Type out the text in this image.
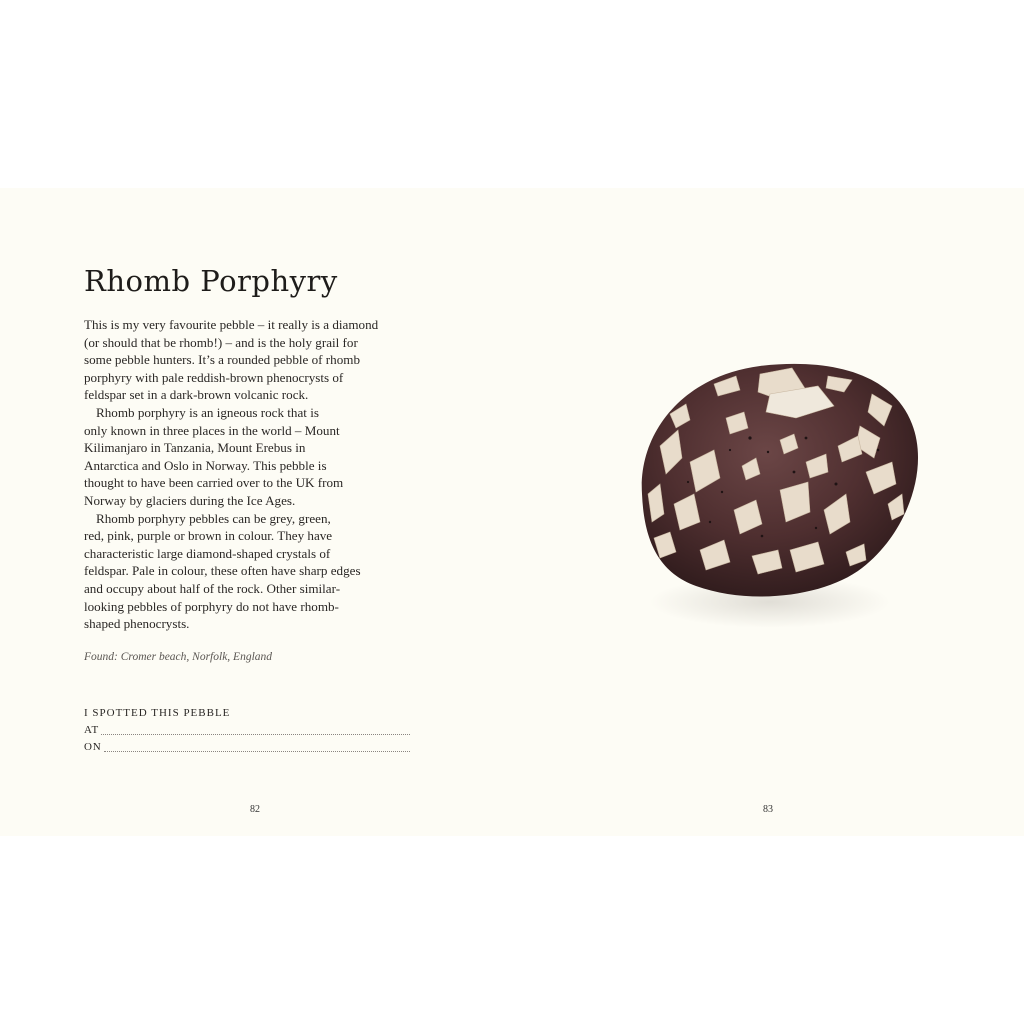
Rhomb Porphyry

This is my very favourite pebble – it really is a diamond
(or should that be rhomb!) – and is the holy grail for
some pebble hunters. It’s a rounded pebble of rhomb
porphyry with pale reddish-brown phenocrysts of
feldspar set in a dark-brown volcanic rock.

Rhomb porphyry is an igneous rock that is
only known in three places in the world – Mount
Kilimanjaro in Tanzania, Mount Erebus in
Antarctica and Oslo in Norway. This pebble is
thought to have been carried over to the UK from
Norway by glaciers during the Ice Ages.

Rhomb porphyry pebbles can be grey, green,
red, pink, purple or brown in colour. They have
characteristic large diamond-shaped crystals of
feldspar. Pale in colour, these often have sharp edges
and occupy about half of the rock. Other similar-
looking pebbles of porphyry do not have rhomb-
shaped phenocrysts.

Found: Cromer beach, Norfolk, England
I SPOTTED THIS PEBBLE
AT
ON
82	83
